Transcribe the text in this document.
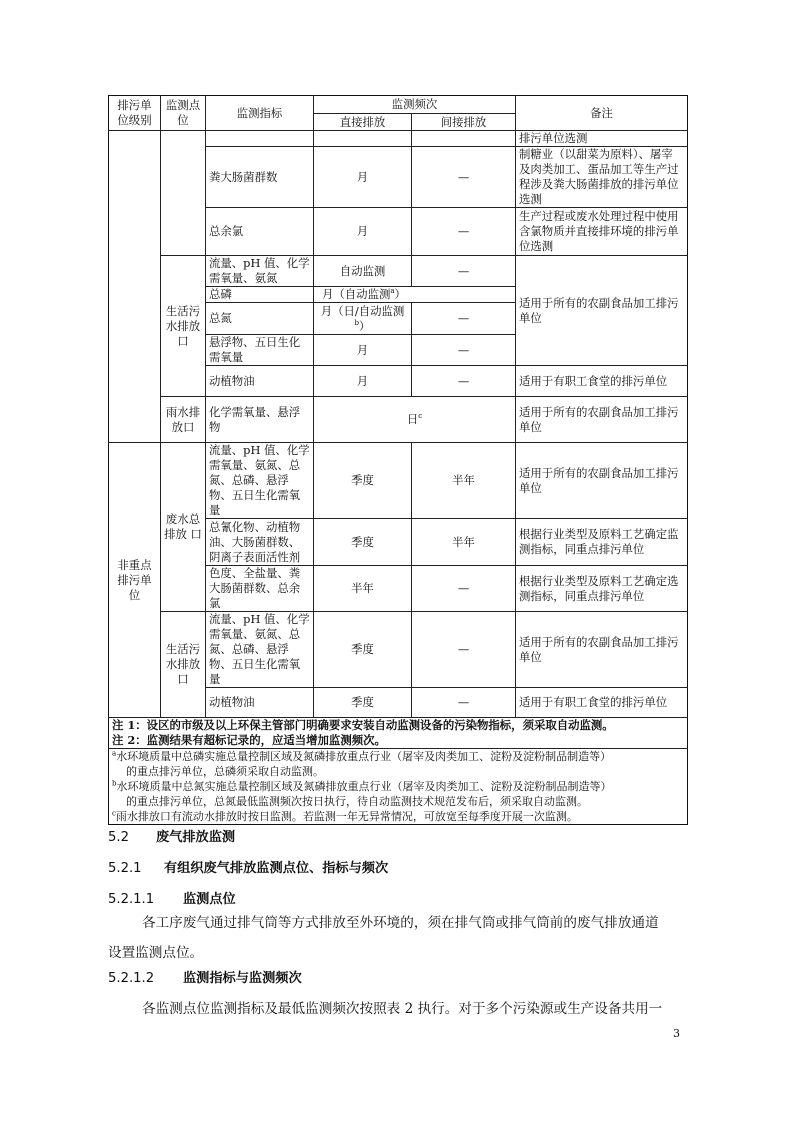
排污单位级别	监测点位	监测指标	监测频次		备注
			直接排放	间接排放	
					排污单位选测
		粪大肠菌群数	月	—	制糖业（以甜菜为原料）、屠宰及肉类加工、蛋品加工等生产过程涉及粪大肠菌排放的排污单位选测
		总余氯	月	—	生产过程或废水处理过程中使用含氯物质并直接排环境的排污单位选测
	生活污水排放口	流量、pH 值、化学需氧量、氨氮	自动监测	—	适用于所有的农副食品加工排污单位
		总磷	月（自动监测$^a$）		
		总氮	月（日/自动监测$^b$）	—	
		悬浮物、五日生化需氧量	月	—	
		动植物油	月	—	适用于有职工食堂的排污单位
	雨水排放口	化学需氧量、悬浮物	日$^c$		适用于所有的农副食品加工排污单位
非重点排污单位	废水总排放 口	流量、pH 值、化学需氧量、氨氮、总氮、总磷、悬浮物、五日生化需氧量	季度	半年	适用于所有的农副食品加工排污单位
		总氰化物、动植物油、大肠菌群数、阴离子表面活性剂	季度	半年	根据行业类型及原料工艺确定监测指标，同重点排污单位
		色度、全盐量、粪大肠菌群数、总余氯	半年	—	根据行业类型及原料工艺确定选测指标，同重点排污单位
	生活污水排放口	流量、pH 值、化学需氧量、氨氮、总氮、总磷、悬浮物、五日生化需氧量	季度	—	适用于所有的农副食品加工排污单位
		动植物油	季度	—	适用于有职工食堂的排污单位

注 1：设区的市级及以上环保主管部门明确要求安装自动监测设备的污染物指标，须采取自动监测。
注 2：监测结果有超标记录的，应适当增加监测频次。					

$^a$水环境质量中总磷实施总量控制区域及氮磷排放重点行业（屠宰及肉类加工、淀粉及淀粉制品制造等）
的重点排污单位，总磷须采取自动监测。
$^b$水环境质量中总氮实施总量控制区域及氮磷排放重点行业（屠宰及肉类加工、淀粉及淀粉制品制造等）
的重点排污单位，总氮最低监测频次按日执行，待自动监测技术规范发布后，须采取自动监测。
$^c$雨水排放口有流动水排放时按日监测。若监测一年无异常情况，可放宽至每季度开展一次监测。					
5.2 废气排放监测
5.2.1 有组织废气排放监测点位、指标与频次
5.2.1.1 监测点位
各工序废气通过排气筒等方式排放至外环境的，须在排气筒或排气筒前的废气排放通道
设置监测点位。
5.2.1.2 监测指标与监测频次
各监测点位监测指标及最低监测频次按照表 2 执行。对于多个污染源或生产设备共用一
3
